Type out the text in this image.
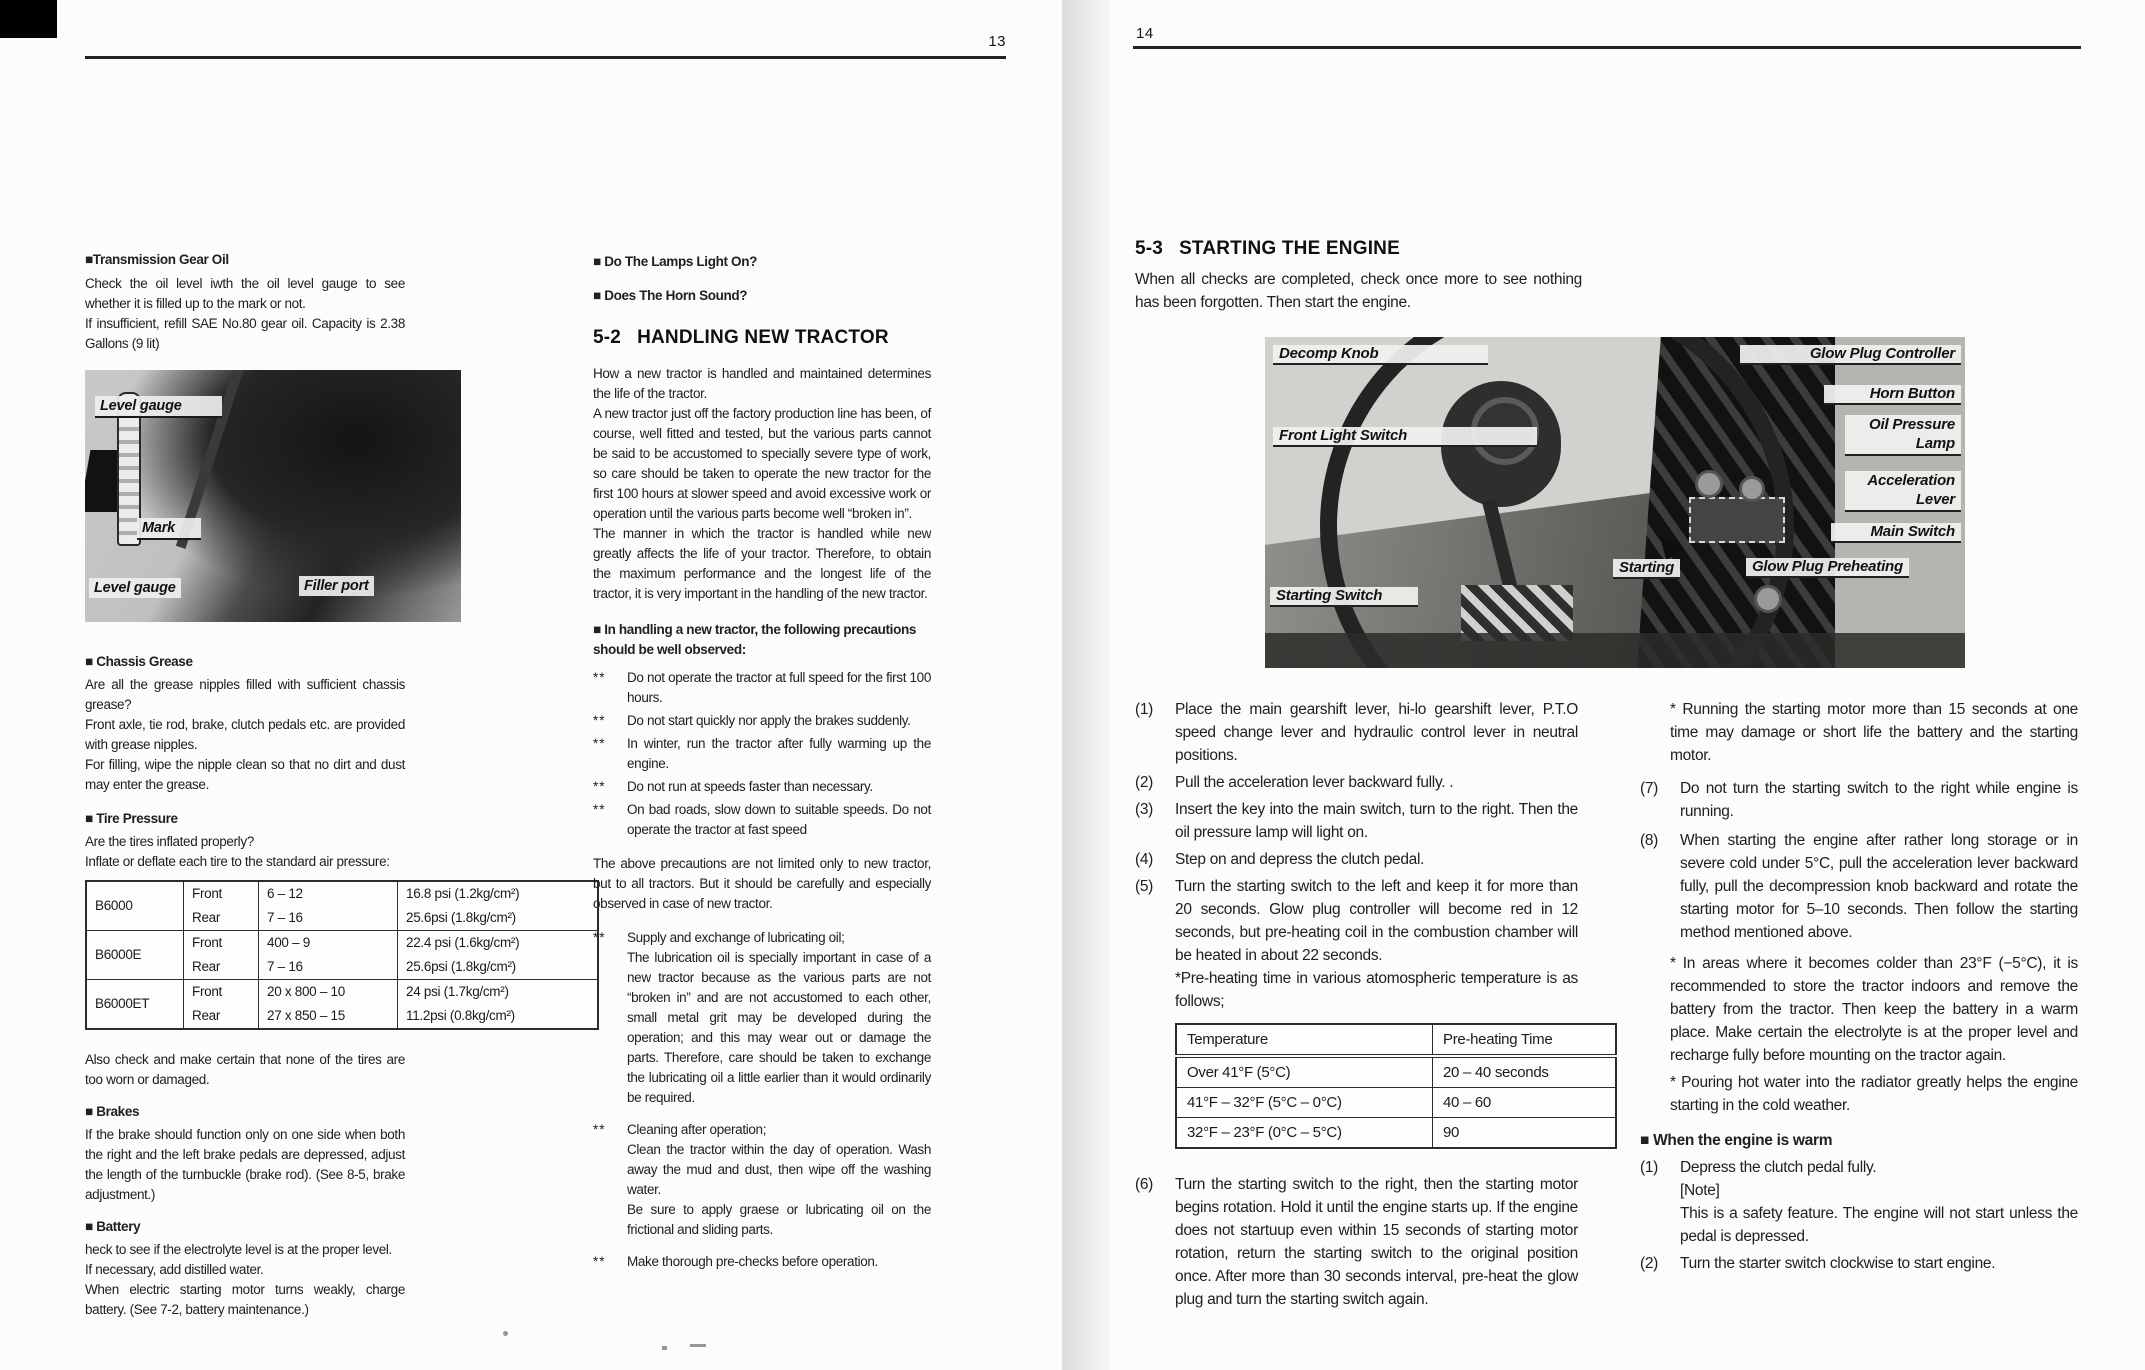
13
■Transmission Gear Oil
Check the oil level iwth the oil level gauge to see whether it is filled up to the mark or not.
If insufficient, refill SAE No.80 gear oil. Capacity is 2.38 Gallons (9 lit)
Level gauge
Mark
Level gauge	Filler port
■ Chassis Grease
Are all the grease nipples filled with sufficient chassis grease?
Front axle, tie rod, brake, clutch pedals etc. are provided with grease nipples.
For filling, wipe the nipple clean so that no dirt and dust may enter the grease.
■ Tire Pressure
Are the tires inflated properly?
Inflate or deflate each tire to the standard air pressure:
B6000	Front	6 – 12	16.8 psi (1.2kg/cm²)
	Rear	7 – 16	25.6psi (1.8kg/cm²)
B6000E	Front	400 – 9	22.4 psi (1.6kg/cm²)
	Rear	7 – 16	25.6psi (1.8kg/cm²)
B6000ET	Front	20 x 800 – 10	24 psi (1.7kg/cm²)
	Rear	27 x 850 – 15	11.2psi (0.8kg/cm²)
Also check and make certain that none of the tires are too worn or damaged.
■ Brakes
If the brake should function only on one side when both the right and the left brake pedals are depressed, adjust the length of the turnbuckle (brake rod). (See 8-5, brake adjustment.)
■ Battery
heck to see if the electrolyte level is at the proper level.
If necessary, add distilled water.
When electric starting motor turns weakly, charge battery. (See 7-2, battery maintenance.)
■ Do The Lamps Light On?
■ Does The Horn Sound?
5-2 HANDLING NEW TRACTOR
How a new tractor is handled and maintained determines the life of the tractor.
A new tractor just off the factory production line has been, of course, well fitted and tested, but the various parts cannot be said to be accustomed to specially severe type of work, so care should be taken to operate the new tractor for the first 100 hours at slower speed and avoid excessive work or operation until the various parts become well “broken in”.
The manner in which the tractor is handled while new greatly affects the life of your tractor. Therefore, to obtain the maximum performance and the longest life of the tractor, it is very important in the handling of the new tractor.
■ In handling a new tractor, the following precautions should be well observed:
**	Do not operate the tractor at full speed for the first 100 hours.
**	Do not start quickly nor apply the brakes suddenly.
**	In winter, run the tractor after fully warming up the engine.
**	Do not run at speeds faster than necessary.
**	On bad roads, slow down to suitable speeds. Do not operate the tractor at fast speed
The above precautions are not limited only to new tractor, but to all tractors. But it should be carefully and especially observed in case of new tractor.
**	Supply and exchange of lubricating oil;
The lubrication oil is specially important in case of a new tractor because as the various parts are not “broken in” and are not accustomed to each other, small metal grit may be developed during the operation; and this may wear out or damage the parts. Therefore, care should be taken to exchange the lubricating oil a little earlier than it would ordinarily be required.
**	Cleaning after operation;
Clean the tractor within the day of operation. Wash away the mud and dust, then wipe off the washing water.
Be sure to apply graese or lubricating oil on the frictional and sliding parts.
**	Make thorough pre-checks before operation.
14
5-3 STARTING THE ENGINE
When all checks are completed, check once more to see nothing has been forgotten. Then start the engine.
Decomp Knob
Front Light Switch
Starting Switch
Glow Plug Controller
Horn Button
Oil Pressure Lamp
Acceleration Lever
Main Switch
Glow Plug Preheating
Starting
(1)	Place the main gearshift lever, hi-lo gearshift lever, P.T.O speed change lever and hydraulic control lever in neutral positions.
(2)	Pull the acceleration lever backward fully. .
(3)	Insert the key into the main switch, turn to the right. Then the oil pressure lamp will light on.
(4)	Step on and depress the clutch pedal.
(5)	Turn the starting switch to the left and keep it for more than 20 seconds. Glow plug controller will become red in 12 seconds, but pre-heating coil in the combustion chamber will be heated in about 22 seconds.
*Pre-heating time in various atomospheric temperature is as follows;
Temperature	Pre-heating Time
Over 41°F (5°C)	20 – 40 seconds
41°F – 32°F (5°C – 0°C)	40 – 60
32°F – 23°F (0°C – 5°C)	90
(6)	Turn the starting switch to the right, then the starting motor begins rotation. Hold it until the engine starts up. If the engine does not startuup even within 15 seconds of starting motor rotation, return the starting switch to the original position once. After more than 30 seconds interval, pre-heat the glow plug and turn the starting switch again.
* Running the starting motor more than 15 seconds at one time may damage or short life the battery and the starting motor.
(7)	Do not turn the starting switch to the right while engine is running.
(8)	When starting the engine after rather long storage or in severe cold under 5°C, pull the acceleration lever backward fully, pull the decompression knob backward and rotate the starting motor for 5–10 seconds. Then follow the starting method mentioned above.
* In areas where it becomes colder than 23°F (−5°C), it is recommended to store the tractor indoors and remove the battery from the tractor. Then keep the battery in a warm place. Make certain the electrolyte is at the proper level and recharge fully before mounting on the tractor again.
* Pouring hot water into the radiator greatly helps the engine starting in the cold weather.
■ When the engine is warm
(1)	Depress the clutch pedal fully.
[Note]
This is a safety feature. The engine will not start unless the pedal is depressed.
(2)	Turn the starter switch clockwise to start engine.
